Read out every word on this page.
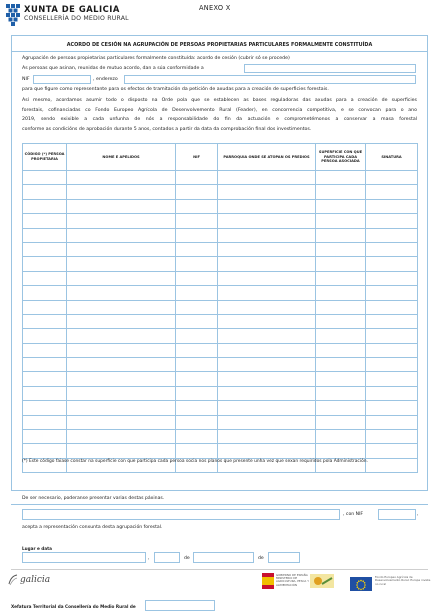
XUNTA DE GALICIA
CONSELLERÍA DO MEDIO RURAL
ANEXO X
ACORDO DE CESIÓN NA AGRUPACIÓN DE PERSOAS PROPIETARIAS PARTICULARES FORMALMENTE CONSTITUÍDA
Agrupación de persoas propietarias particulares formalmente constituída: acordo de cesión (cubrir só se procede)
As persoas que asinan, reunidas de mutuo acordo, dan a súa conformidade a
NIF	, enderezo
para que figure como representante para os efectos de tramitación da petición de axudas para a creación de superficies forestais.
Así mesmo, acordamos asumir todo o disposto na Orde pola que se establecen as bases reguladoras das axudas para a creación de superficies
forestais, cofinanciadas co Fondo Europeo Agrícola de Desenvolvemento Rural (Feader), en concorrencia competitiva, e se convocan para o ano
2019, sendo exixible a cada unfunha de nós a responsabilidade do fin da actuación e comprometémonos a conservar a masa forestal
conforme as condicións de aprobación durante 5 anos, contados a partir da data da comprobación final dos investimentos.
CÓDIGO (*) PERSOA PROPIETARIA	NOME E APELIDOS	NIF	PARROQUIA ONDE SE ATOPAN OS PREDIOS	SUPERFICIE CON QUE PARTICIPA CADA PERSOA ASOCIADA	SINATURA

(*) Este código faiase constar na superficie con que participa cada persoa socia nos planos que presente unha vez que sexan requiridos pola Administración.
De ser necesario, poderanse presentar varias destas páxinas.
, con NIF	,
acepta a representación conxunta desta agrupación forestal.
Lugar e data
,	de	de
galicia	GOBIERNO DE ESPAÑA MINISTERIO DE AGRICULTURA, PESCA Y ALIMENTACIÓN
Fondo Europeo Agrícola de Desenvolvemento Rural: Europa inviste no rural
Xefatura Territorial da Consellería do Medio Rural de
